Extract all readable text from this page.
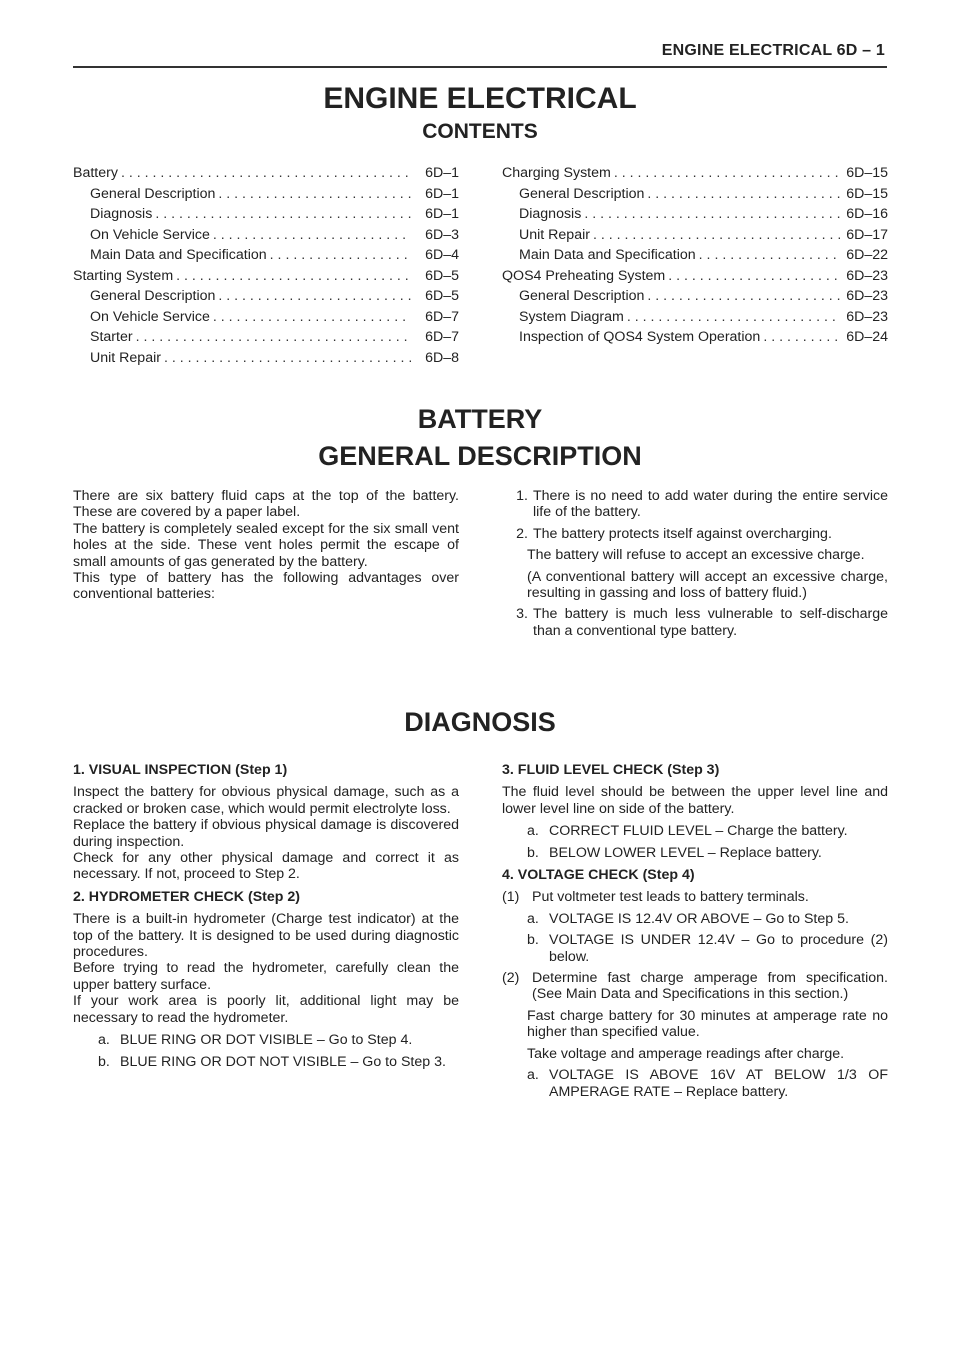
ENGINE ELECTRICAL 6D – 1
ENGINE ELECTRICAL
CONTENTS
Battery . . .	6D–1
General Description . . .	6D–1
Diagnosis . . .	6D–1
On Vehicle Service . . .	6D–3
Main Data and Specification . . .	6D–4
Starting System . . .	6D–5
General Description . . .	6D–5
On Vehicle Service . . .	6D–7
Starter . . .	6D–7
Unit Repair . . .	6D–8
Charging System . . .	6D–15
General Description . . .	6D–15
Diagnosis . . .	6D–16
Unit Repair . . .	6D–17
Main Data and Specification . . .	6D–22
QOS4 Preheating System . . .	6D–23
General Description . . .	6D–23
System Diagram . . .	6D–23
Inspection of QOS4 System Operation . . .	6D–24
BATTERY
GENERAL DESCRIPTION

There are six battery fluid caps at the top of the battery. These are covered by a paper label.

The battery is completely sealed except for the six small vent holes at the side. These vent holes permit the escape of small amounts of gas generated by the battery.

This type of battery has the following advantages over conventional batteries:

1. There is no need to add water during the entire service life of the battery.
2. The battery protects itself against overcharging.

The battery will refuse to accept an excessive charge.

(A conventional battery will accept an excessive charge, resulting in gassing and loss of battery fluid.)

3. The battery is much less vulnerable to self-discharge than a conventional type battery.
DIAGNOSIS

1. VISUAL INSPECTION (Step 1)

Inspect the battery for obvious physical damage, such as a cracked or broken case, which would permit electrolyte loss.

Replace the battery if obvious physical damage is discovered during inspection.

Check for any other physical damage and correct it as necessary. If not, proceed to Step 2.

2. HYDROMETER CHECK (Step 2)

There is a built-in hydrometer (Charge test indicator) at the top of the battery. It is designed to be used during diagnostic procedures.

Before trying to read the hydrometer, carefully clean the upper battery surface.

If your work area is poorly lit, additional light may be necessary to read the hydrometer.

a. BLUE RING OR DOT VISIBLE – Go to Step 4.
b. BLUE RING OR DOT NOT VISIBLE – Go to Step 3.

3. FLUID LEVEL CHECK (Step 3)

The fluid level should be between the upper level line and lower level line on side of the battery.

a. CORRECT FLUID LEVEL – Charge the battery.
b. BELOW LOWER LEVEL – Replace battery.

4. VOLTAGE CHECK (Step 4)

(1) Put voltmeter test leads to battery terminals.
a. VOLTAGE IS 12.4V OR ABOVE – Go to Step 5.
b. VOLTAGE IS UNDER 12.4V – Go to procedure (2) below.
(2) Determine fast charge amperage from specification. (See Main Data and Specifications in this section.)

Fast charge battery for 30 minutes at amperage rate no higher than specified value.

Take voltage and amperage readings after charge.

a. VOLTAGE IS ABOVE 16V AT BELOW 1/3 OF AMPERAGE RATE – Replace battery.
